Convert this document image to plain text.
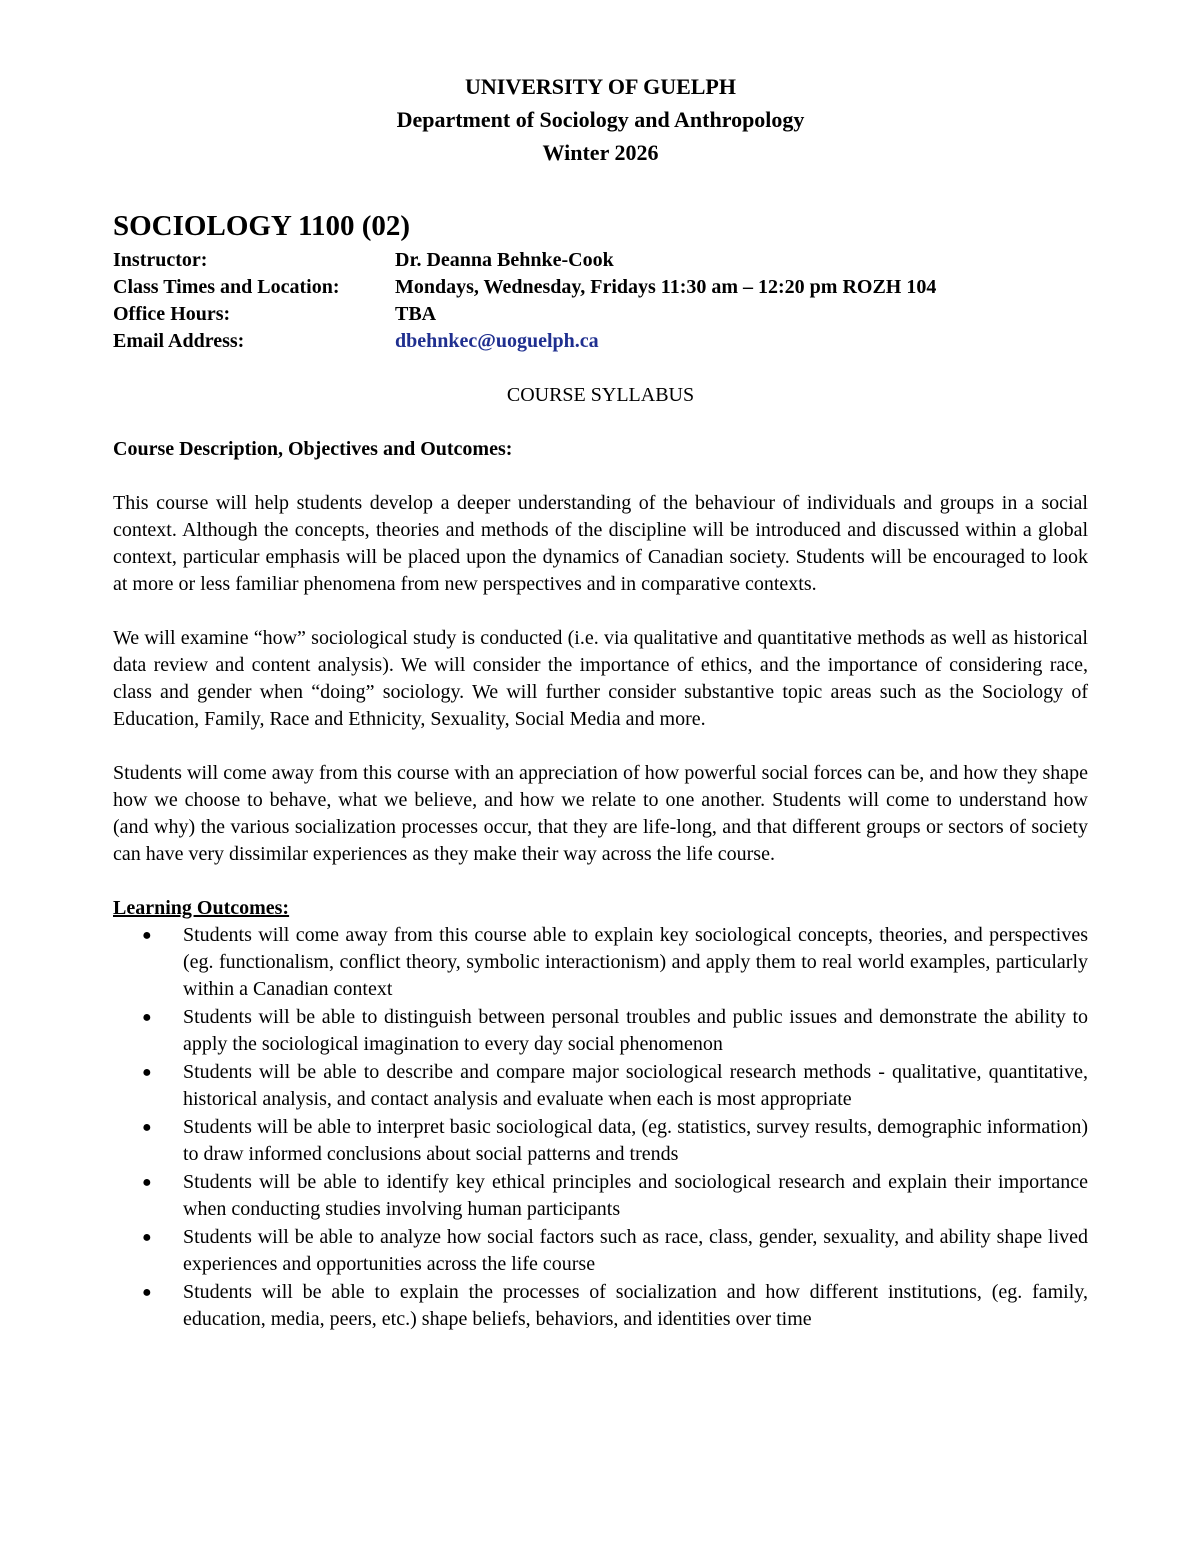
UNIVERSITY OF GUELPH
Department of Sociology and Anthropology
Winter 2026
SOCIOLOGY 1100 (02)
Instructor:	Dr. Deanna Behnke-Cook
Class Times and Location:	Mondays, Wednesday, Fridays 11:30 am – 12:20 pm ROZH 104
Office Hours:	TBA
Email Address:	dbehnkec@uoguelph.ca
COURSE SYLLABUS
Course Description, Objectives and Outcomes:
This course will help students develop a deeper understanding of the behaviour of individuals and groups in a social context. Although the concepts, theories and methods of the discipline will be introduced and discussed within a global context, particular emphasis will be placed upon the dynamics of Canadian society. Students will be encouraged to look at more or less familiar phenomena from new perspectives and in comparative contexts.
We will examine “how” sociological study is conducted (i.e. via qualitative and quantitative methods as well as historical data review and content analysis). We will consider the importance of ethics, and the importance of considering race, class and gender when “doing” sociology. We will further consider substantive topic areas such as the Sociology of Education, Family, Race and Ethnicity, Sexuality, Social Media and more.
Students will come away from this course with an appreciation of how powerful social forces can be, and how they shape how we choose to behave, what we believe, and how we relate to one another. Students will come to understand how (and why) the various socialization processes occur, that they are life-long, and that different groups or sectors of society can have very dissimilar experiences as they make their way across the life course.
Learning Outcomes:
● Students will come away from this course able to explain key sociological concepts, theories, and perspectives (eg. functionalism, conflict theory, symbolic interactionism) and apply them to real world examples, particularly within a Canadian context
● Students will be able to distinguish between personal troubles and public issues and demonstrate the ability to apply the sociological imagination to every day social phenomenon
● Students will be able to describe and compare major sociological research methods - qualitative, quantitative, historical analysis, and contact analysis and evaluate when each is most appropriate
● Students will be able to interpret basic sociological data, (eg. statistics, survey results, demographic information) to draw informed conclusions about social patterns and trends
● Students will be able to identify key ethical principles and sociological research and explain their importance when conducting studies involving human participants
● Students will be able to analyze how social factors such as race, class, gender, sexuality, and ability shape lived experiences and opportunities across the life course
● Students will be able to explain the processes of socialization and how different institutions, (eg. family, education, media, peers, etc.) shape beliefs, behaviors, and identities over time
